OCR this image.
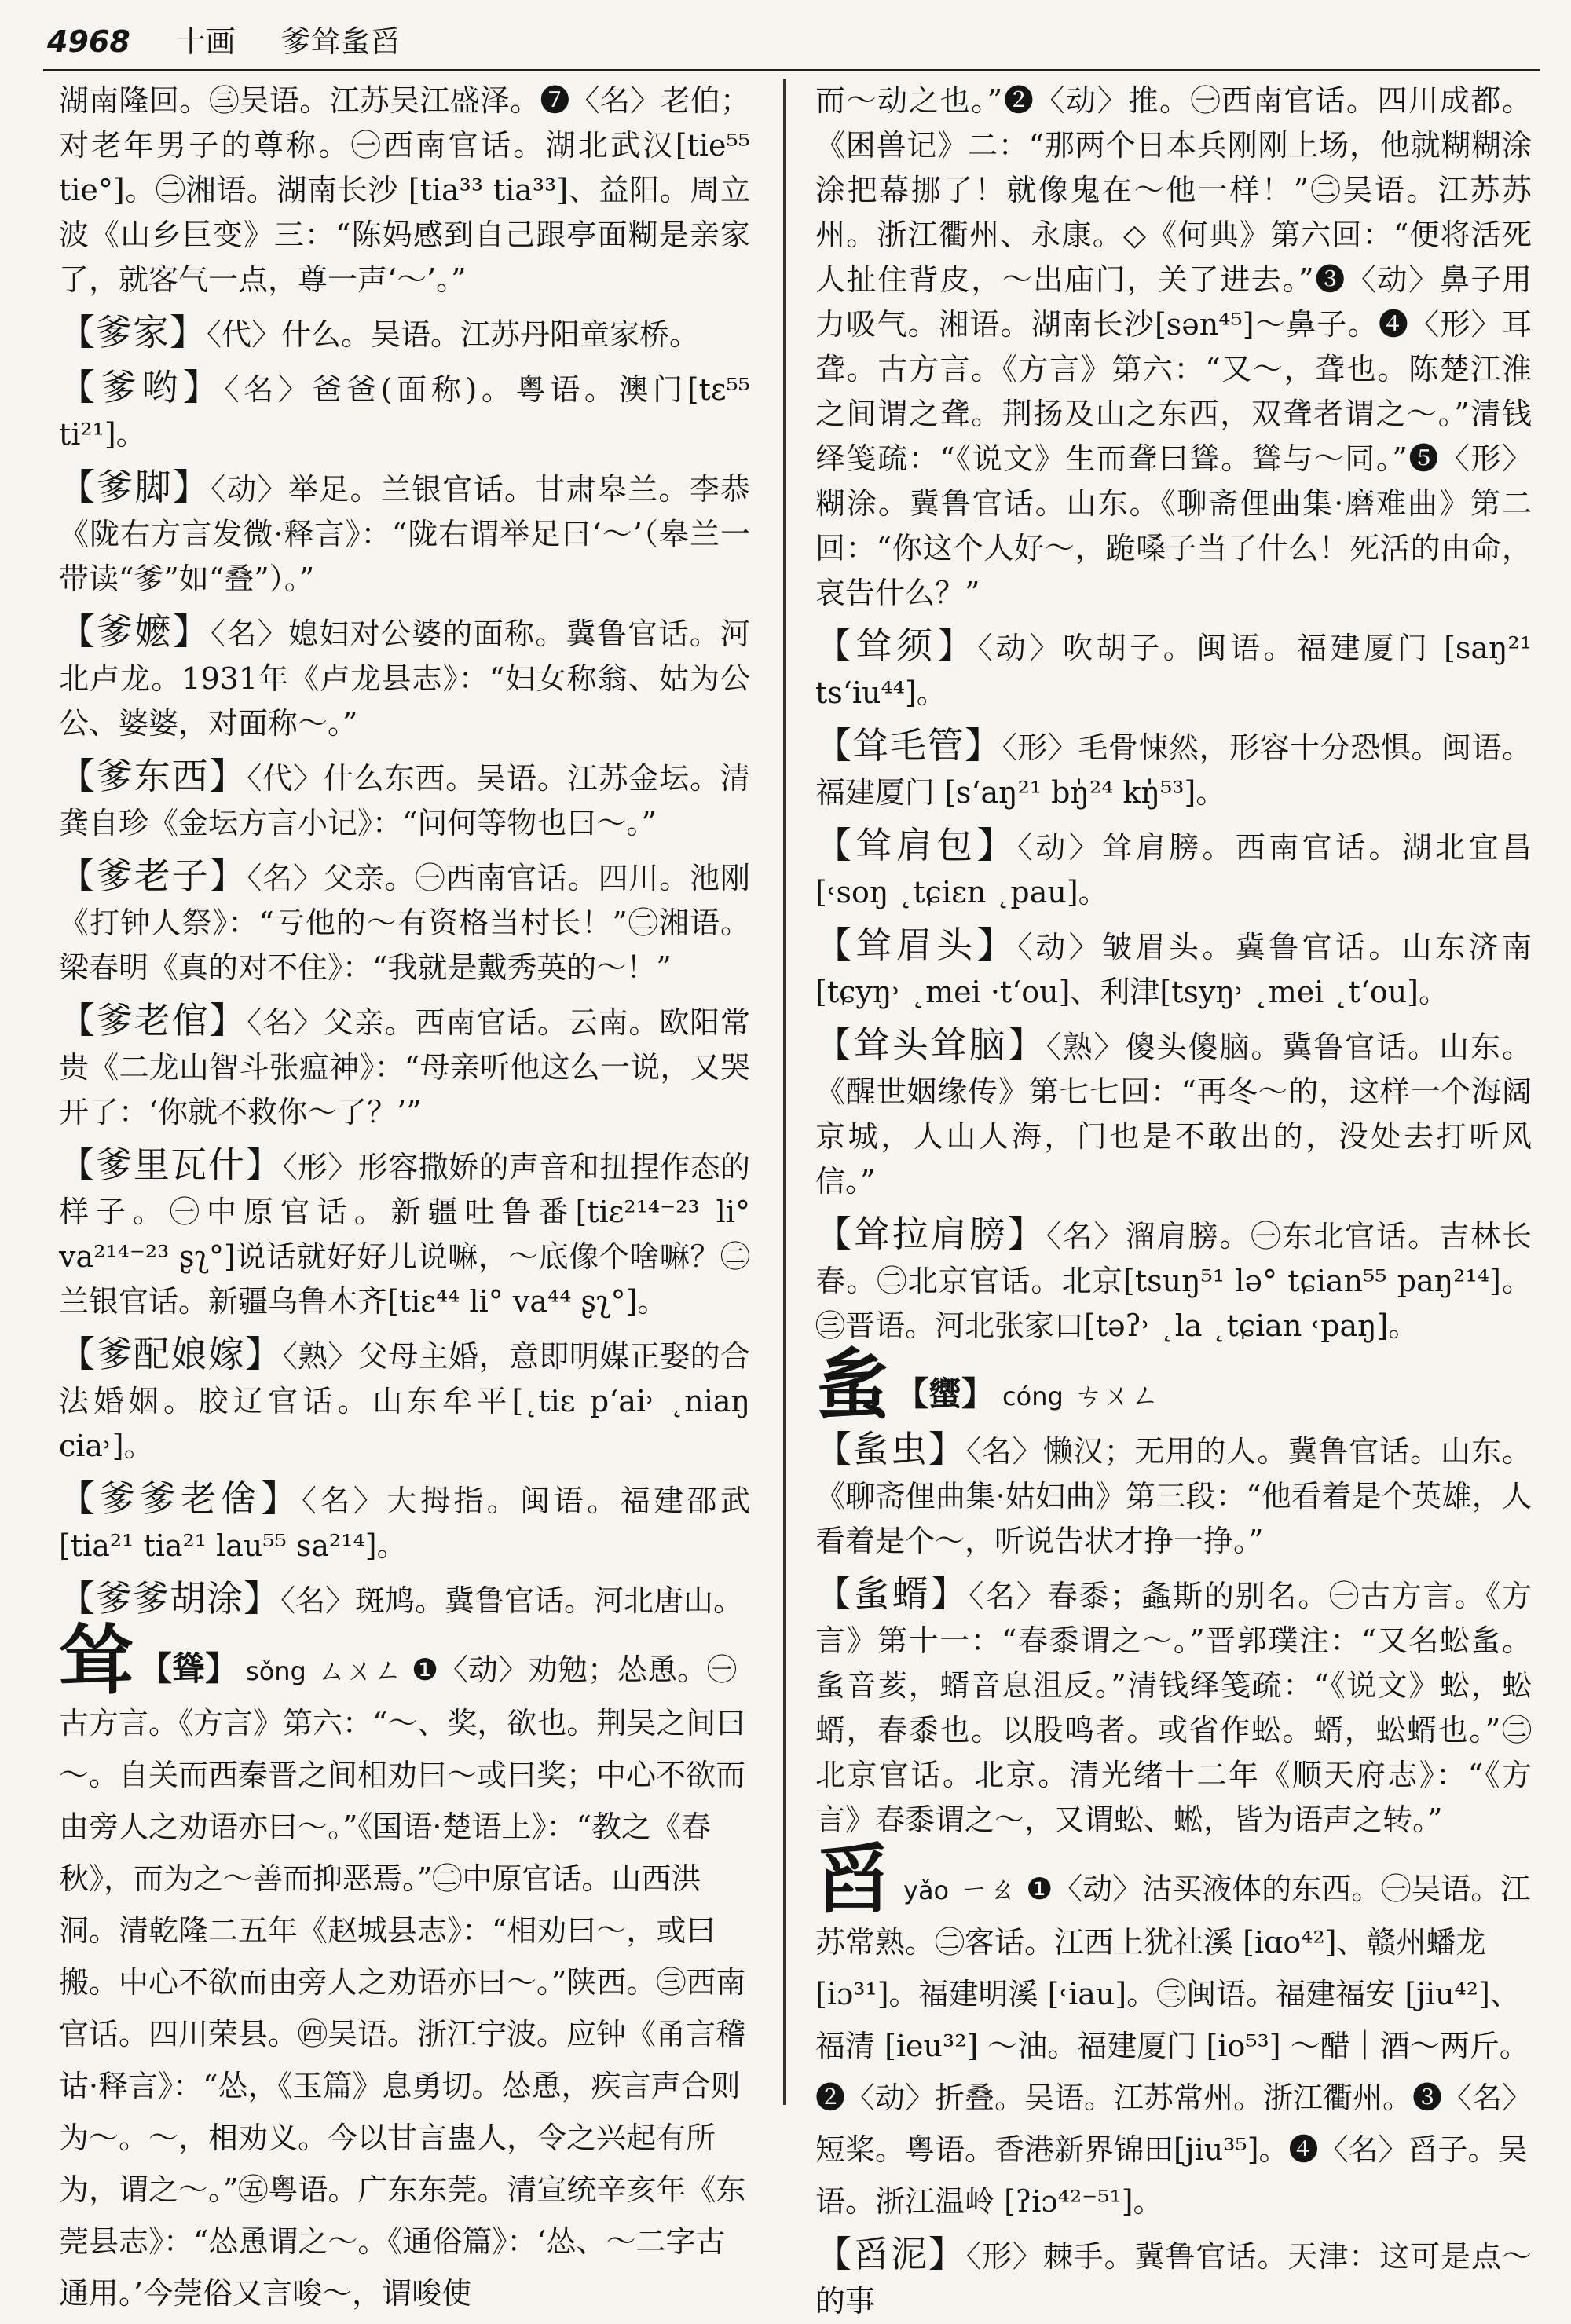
4968 十画 爹耸蚃舀

湖南隆回。㊂吴语。江苏吴江盛泽。❼〈名〉老伯；对老年男子的尊称。㊀西南官话。湖北武汉[tie⁵⁵ tie°]。㊁湘语。湖南长沙 [tia³³ tia³³]、益阳。周立波《山乡巨变》三：“陈妈感到自己跟亭面糊是亲家了，就客气一点，尊一声‘～’。”

【爹家】〈代〉什么。吴语。江苏丹阳童家桥。

【爹哟】〈名〉爸爸(面称)。粤语。澳门[tɛ⁵⁵ ti²¹]。

【爹脚】〈动〉举足。兰银官话。甘肃皋兰。李恭《陇右方言发微·释言》：“陇右谓举足曰‘～’（皋兰一带读“爹”如“叠”）。”

【爹嬷】〈名〉媳妇对公婆的面称。冀鲁官话。河北卢龙。1931年《卢龙县志》：“妇女称翁、姑为公公、婆婆，对面称～。”

【爹东西】〈代〉什么东西。吴语。江苏金坛。清龚自珍《金坛方言小记》：“问何等物也曰～。”

【爹老子】〈名〉父亲。㊀西南官话。四川。池刚《打钟人祭》：“亏他的～有资格当村长！”㊁湘语。梁春明《真的对不住》：“我就是戴秀英的～！”

【爹老倌】〈名〉父亲。西南官话。云南。欧阳常贵《二龙山智斗张瘟神》：“母亲听他这么一说，又哭开了：‘你就不救你～了？’”

【爹里瓦什】〈形〉形容撒娇的声音和扭捏作态的样子。㊀中原官话。新疆吐鲁番[tiɛ²¹⁴⁻²³ li° va²¹⁴⁻²³ ʂʅ°]说话就好好儿说嘛，～底像个啥嘛？㊁兰银官话。新疆乌鲁木齐[tiɛ⁴⁴ li° va⁴⁴ ʂʅ°]。

【爹配娘嫁】〈熟〉父母主婚，意即明媒正娶的合法婚姻。胶辽官话。山东牟平[˛tiɛ pʻai˒ ˛niaŋ cia˒]。

【爹爹老倽】〈名〉大拇指。闽语。福建邵武[tia²¹ tia²¹ lau⁵⁵ sa²¹⁴]。

【爹爹胡涂】〈名〉斑鸠。冀鲁官话。河北唐山。

耸 【聳】 sǒng ㄙㄨㄥ ❶〈动〉劝勉；怂恿。㊀古方言。《方言》第六：“～、奖，欲也。荆吴之间曰～。自关而西秦晋之间相劝曰～或曰奖；中心不欲而由旁人之劝语亦曰～。”《国语·楚语上》：“教之《春秋》，而为之～善而抑恶焉。”㊁中原官话。山西洪洞。清乾隆二五年《赵城县志》：“相劝曰～，或曰搬。中心不欲而由旁人之劝语亦曰～。”陕西。㊂西南官话。四川荣县。㊃吴语。浙江宁波。应钟《甬言稽诂·释言》：“怂，《玉篇》息勇切。怂恿，疾言声合则为～。～，相劝义。今以甘言蛊人，令之兴起有所为，谓之～。”㊄粤语。广东东莞。清宣统辛亥年《东莞县志》：“怂恿谓之～。《通俗篇》：‘怂、～二字古通用。’今莞俗又言唆～，谓唆使

而～动之也。”❷〈动〉推。㊀西南官话。四川成都。《困兽记》二：“那两个日本兵刚刚上场，他就糊糊涂涂把幕挪了！就像鬼在～他一样！”㊁吴语。江苏苏州。浙江衢州、永康。◇《何典》第六回：“便将活死人扯住背皮，～出庙门，关了进去。”❸〈动〉鼻子用力吸气。湘语。湖南长沙[sən⁴⁵]～鼻子。❹〈形〉耳聋。古方言。《方言》第六：“又～，聋也。陈楚江淮之间谓之聋。荆扬及山之东西，双聋者谓之～。”清钱绎笺疏：“《说文》生而聋曰聳。聳与～同。”❺〈形〉糊涂。冀鲁官话。山东。《聊斋俚曲集·磨难曲》第二回：“你这个人好～，跪嗓子当了什么！死活的由命，哀告什么？”

【耸须】〈动〉吹胡子。闽语。福建厦门 [saŋ²¹ tsʻiu⁴⁴]。

【耸毛管】〈形〉毛骨悚然，形容十分恐惧。闽语。福建厦门 [sʻaŋ²¹ bŋ̍²⁴ kŋ̍⁵³]。

【耸肩包】〈动〉耸肩膀。西南官话。湖北宜昌 [˓soŋ ˛tɕiɛn ˛pau]。

【耸眉头】〈动〉皱眉头。冀鲁官话。山东济南[tɕyŋ˒ ˛mei ·tʻou]、利津[tsyŋ˒ ˛mei ˛tʻou]。

【耸头耸脑】〈熟〉傻头傻脑。冀鲁官话。山东。《醒世姻缘传》第七七回：“再冬～的，这样一个海阔京城，人山人海，门也是不敢出的，没处去打听风信。”

【耸拉肩膀】〈名〉溜肩膀。㊀东北官话。吉林长春。㊁北京官话。北京[tsuŋ⁵¹ lə° tɕian⁵⁵ paŋ²¹⁴]。㊂晋语。河北张家口[təʔ˒ ˛la ˛tɕian ˓paŋ]。

蚃 【蠁】 cóng ㄘㄨㄥ

【蚃虫】〈名〉懒汉；无用的人。冀鲁官话。山东。《聊斋俚曲集·姑妇曲》第三段：“他看着是个英雄，人看着是个～，听说告状才挣一挣。”

【蚃蝑】〈名〉春黍；螽斯的别名。㊀古方言。《方言》第十一：“春黍谓之～。”晋郭璞注：“又名蚣蚃。蚃音荄，蝑音息沮反。”清钱绎笺疏：“《说文》蚣，蚣蝑，春黍也。以股鸣者。或省作蚣。蝑，蚣蝑也。”㊁北京官话。北京。清光绪十二年《顺天府志》：“《方言》春黍谓之～，又谓蚣、蜙，皆为语声之转。”

舀yǎo ㄧㄠ ❶〈动〉沽买液体的东西。㊀吴语。江苏常熟。㊁客话。江西上犹社溪 [iɑo⁴²]、赣州蟠龙 [iɔ³¹]。福建明溪 [˓iau]。㊂闽语。福建福安 [jiu⁴²]、福清 [ieu³²] ～油。福建厦门 [io⁵³] ～醋｜酒～两斤。❷〈动〉折叠。吴语。江苏常州。浙江衢州。❸〈名〉短桨。粤语。香港新界锦田[jiu³⁵]。❹〈名〉舀子。吴语。浙江温岭 [ʔiɔ⁴²⁻⁵¹]。

【舀泥】〈形〉棘手。冀鲁官话。天津：这可是点～的事
